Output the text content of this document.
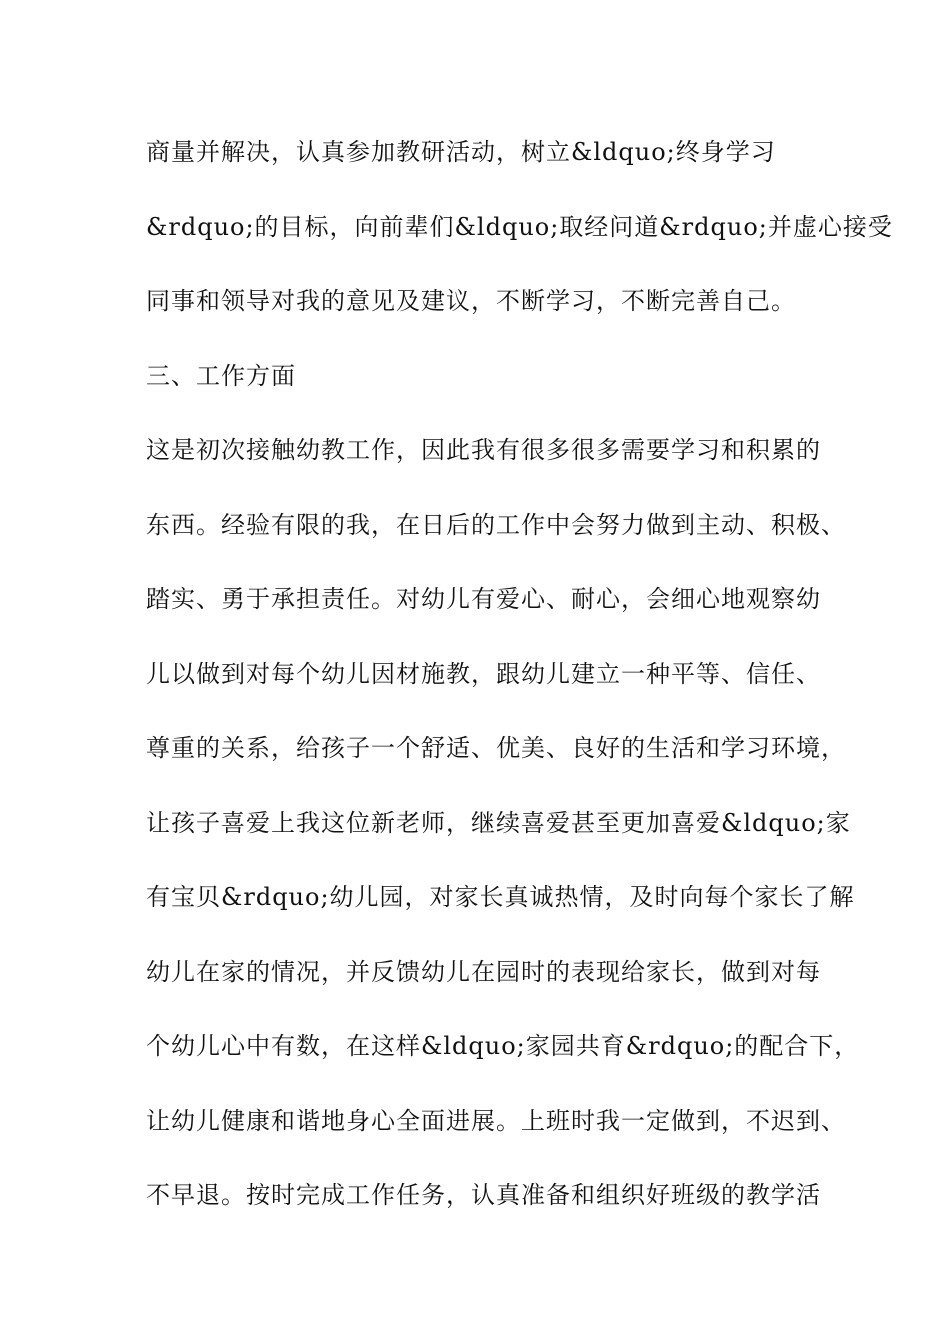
商量并解决，认真参加教研活动，树立&ldquo;终身学习
&rdquo;的目标，向前辈们&ldquo;取经问道&rdquo;并虚心接受
同事和领导对我的意见及建议，不断学习，不断完善自己。
三、工作方面
这是初次接触幼教工作，因此我有很多很多需要学习和积累的
东西。经验有限的我，在日后的工作中会努力做到主动、积极、
踏实、勇于承担责任。对幼儿有爱心、耐心，会细心地观察幼
儿以做到对每个幼儿因材施教，跟幼儿建立一种平等、信任、
尊重的关系，给孩子一个舒适、优美、良好的生活和学习环境，
让孩子喜爱上我这位新老师，继续喜爱甚至更加喜爱&ldquo;家
有宝贝&rdquo;幼儿园，对家长真诚热情，及时向每个家长了解
幼儿在家的情况，并反馈幼儿在园时的表现给家长，做到对每
个幼儿心中有数，在这样&ldquo;家园共育&rdquo;的配合下，
让幼儿健康和谐地身心全面进展。上班时我一定做到，不迟到、
不早退。按时完成工作任务，认真准备和组织好班级的教学活
